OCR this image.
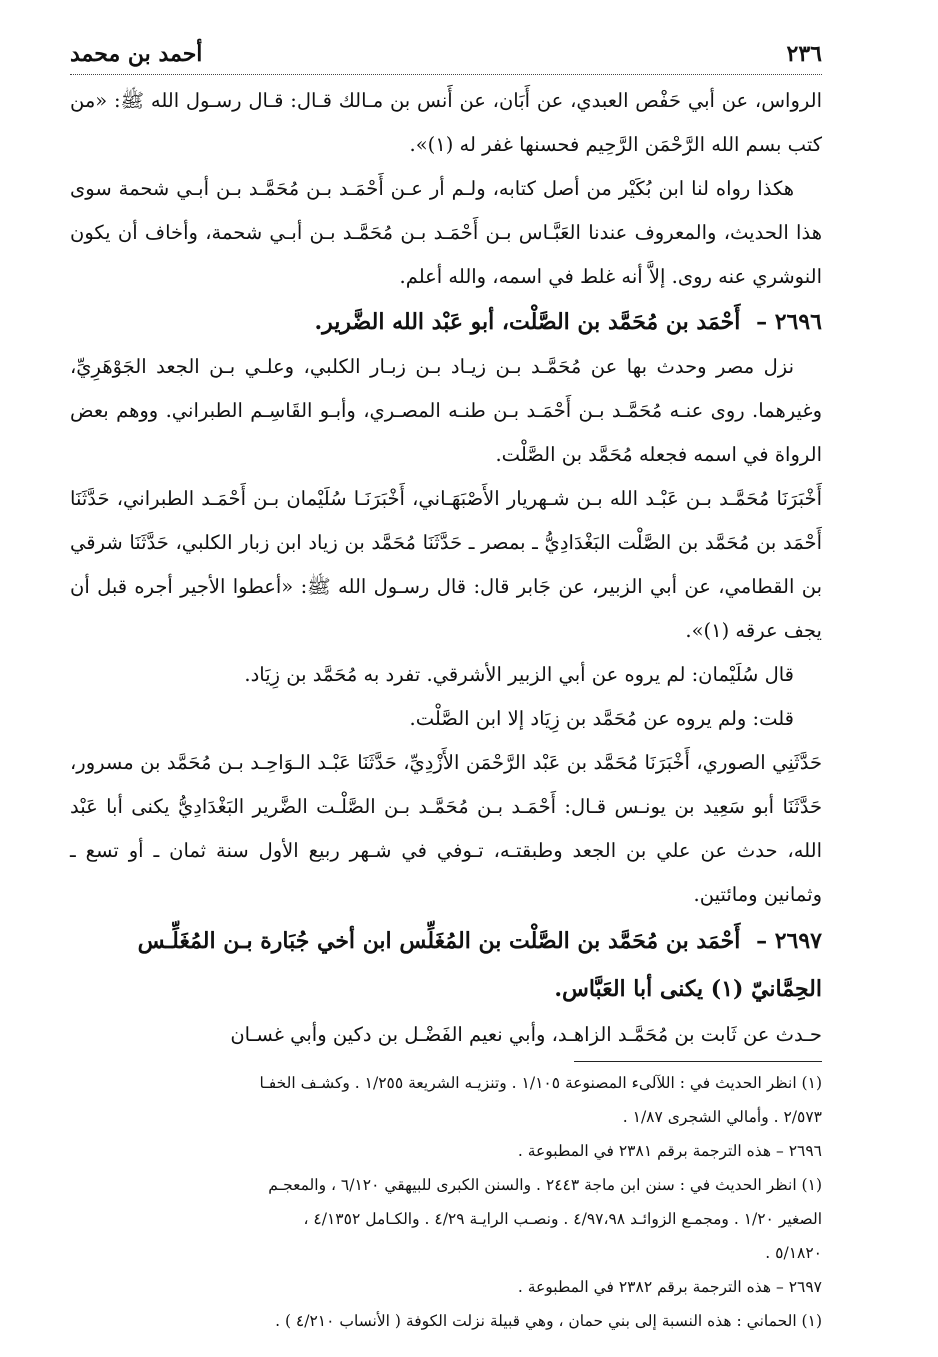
٢٣٦
أحمد بن محمد

الرواس، عن أبي حَفْص العبدي، عن أَبَان، عن أَنس بن مـالك قـال: قـال رسـول الله ﷺ: «من كتب بسم الله الرَّحْمَن الرَّحِيم فحسنها غفر له (١)».

هكذا رواه لنا ابن بُكَيْر من أصل كتابه، ولـم أر عـن أَحْمَـد بـن مُحَمَّـد بـن أبـي شحمة سوى هذا الحديث، والمعروف عندنا العَبَّـاس بـن أَحْمَـد بـن مُحَمَّـد بـن أبـي شحمة، وأخاف أن يكون النوشري عنه روى. إلاَّ أنه غلط في اسمه، والله أعلم.

٢٦٩٦ – أَحْمَد بن مُحَمَّد بن الصَّلْت، أبو عَبْد الله الضَّرير.

نزل مصر وحدث بها عن مُحَمَّـد بـن زيـاد بـن زبـار الكلبي، وعلـي بـن الجعد الجَوْهَرِيِّ، وغيرهما. روى عنـه مُحَمَّـد بـن أَحْمَـد بـن طنـه المصـري، وأبـو القَاسِـم الطبراني. ووهم بعض الرواة في اسمه فجعله مُحَمَّد بن الصَّلْت.

أَخْبَرَنَا مُحَمَّـد بـن عَبْـد الله بـن شـهريار الأَصْبَهَـاني، أَخْبَرَنَـا سُلَيْمان بـن أَحْمَـد الطبراني، حَدَّثَنَا أَحْمَد بن مُحَمَّد بن الصَّلْت البَغْدَادِيُّ ـ بمصر ـ حَدَّثَنَا مُحَمَّد بن زياد ابن زبار الكلبي، حَدَّثَنَا شرقي بن القطامي، عن أبي الزبير، عن جَابر قال: قال رسـول الله ﷺ: «أعطوا الأجير أجره قبل أن يجف عرقه (١)».

قال سُلَيْمان: لم يروه عن أبي الزبير الأشرقي. تفرد به مُحَمَّد بن زِيَاد.

قلت: ولم يروه عن مُحَمَّد بن زِيَاد إلا ابن الصَّلْت.

حَدَّثَنِي الصوري، أَخْبَرَنَا مُحَمَّد بن عَبْد الرَّحْمَن الأَزْدِيِّ، حَدَّثَنَا عَبْـد الـوَاحِـد بـن مُحَمَّد بن مسرور، حَدَّثَنَا أبو سَعِيد بن يونـس قـال: أَحْمَـد بـن مُحَمَّـد بـن الصَّلْـت الضَّرير البَغْدَادِيُّ يكنى أبا عَبْد الله، حدث عن علي بن الجعد وطبقتـه، تـوفي في شـهر ربيع الأول سنة ثمان ـ أو تسع ـ وثمانين ومائتين.

٢٦٩٧ – أَحْمَد بن مُحَمَّد بن الصَّلْت بن المُغَلِّس ابن أخي جُبَارة بـن المُغَلِّـس الحِمَّانيّ (١) يكنى أبا العَبَّاس.

حـدث عن ثَابت بن مُحَمَّـد الزاهـد، وأبي نعيم الفَضْـل بن دكين وأبي غسـان

(١) انظر الحديث في : اللآلىء المصنوعة ١/١٠٥ . وتنزيـه الشريعة ١/٢٥٥ . وكشـف الخفـا

٢/٥٧٣ . وأمالي الشجرى ١/٨٧ .

٢٦٩٦ – هذه الترجمة برقم ٢٣٨١ في المطبوعة .

(١) انظر الحديث في : سنن ابن ماجة ٢٤٤٣ . والسنن الكبرى للبيهقي ٦/١٢٠ ، والمعجـم

الصغير ١/٢٠ . ومجمـع الزوائـد ٤/٩٧،٩٨ . ونصـب الرايـة ٤/٢٩ . والكـامل ٤/١٣٥٢ ،

٥/١٨٢٠ .

٢٦٩٧ – هذه الترجمة برقم ٢٣٨٢ في المطبوعة .

(١) الحماني : هذه النسبة إلى بني حمان ، وهي قبيلة نزلت الكوفة ( الأنساب ٤/٢١٠ ) .
